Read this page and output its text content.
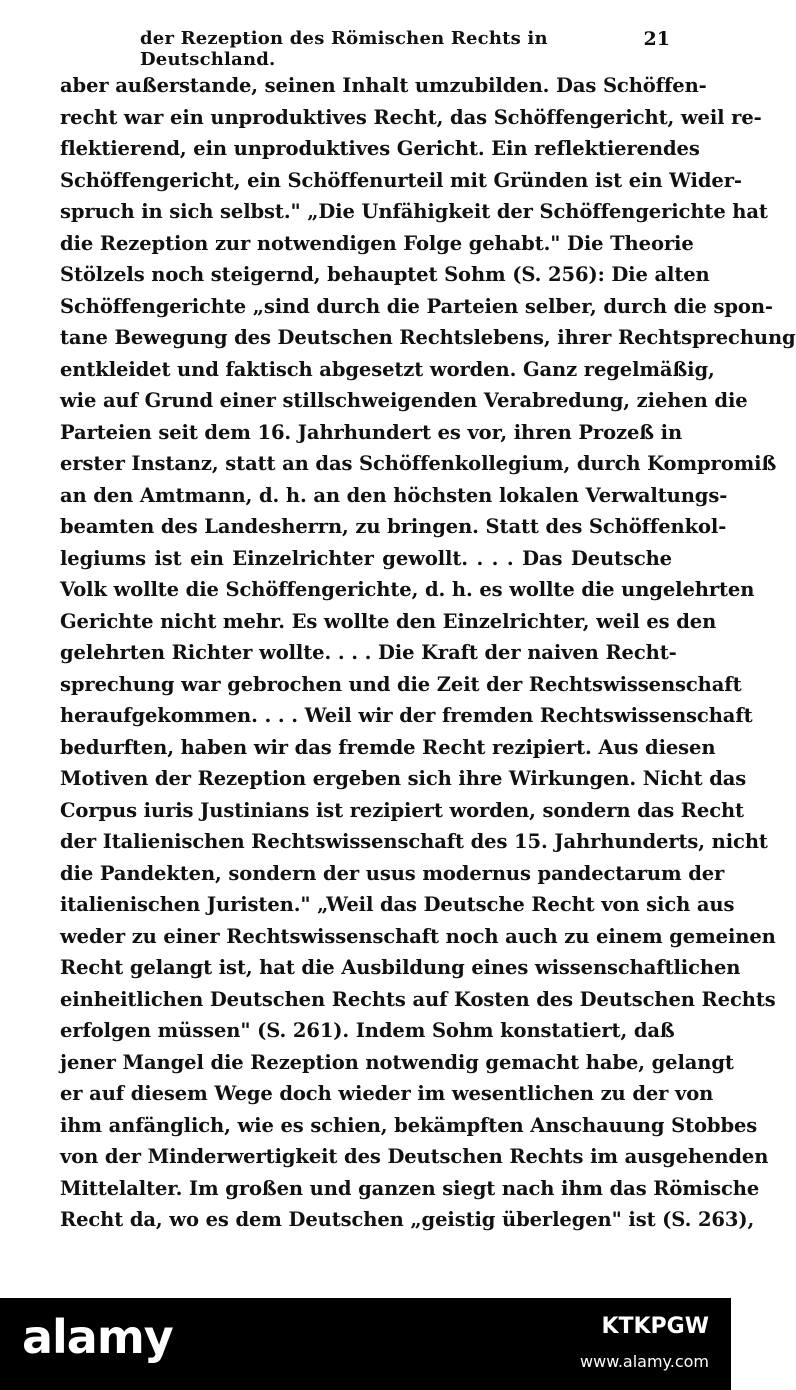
der Rezeption des Römischen Rechts in Deutschland.
21
aber außerstande, seinen Inhalt umzubilden. Das Schöffen-
recht war ein unproduktives Recht, das Schöffengericht, weil re-
flektierend, ein unproduktives Gericht. Ein reflektierendes
Schöffengericht, ein Schöffenurteil mit Gründen ist ein Wider-
spruch in sich selbst." „Die Unfähigkeit der Schöffengerichte hat
die Rezeption zur notwendigen Folge gehabt." Die Theorie
Stölzels noch steigernd, behauptet Sohm (S. 256): Die alten
Schöffengerichte „sind durch die Parteien selber, durch die spon-
tane Bewegung des Deutschen Rechtslebens, ihrer Rechtsprechung
entkleidet und faktisch abgesetzt worden. Ganz regelmäßig,
wie auf Grund einer stillschweigenden Verabredung, ziehen die
Parteien seit dem 16. Jahrhundert es vor, ihren Prozeß in
erster Instanz, statt an das Schöffenkollegium, durch Kompromiß
an den Amtmann, d. h. an den höchsten lokalen Verwaltungs-
beamten des Landesherrn, zu bringen. Statt des Schöffenkol-
legiums ist ein Einzelrichter gewollt. . . . Das Deutsche
Volk wollte die Schöffengerichte, d. h. es wollte die ungelehrten
Gerichte nicht mehr. Es wollte den Einzelrichter, weil es den
gelehrten Richter wollte. . . . Die Kraft der naiven Recht-
sprechung war gebrochen und die Zeit der Rechtswissenschaft
heraufgekommen. . . . Weil wir der fremden Rechtswissenschaft
bedurften, haben wir das fremde Recht rezipiert. Aus diesen
Motiven der Rezeption ergeben sich ihre Wirkungen. Nicht das
Corpus iuris Justinians ist rezipiert worden, sondern das Recht
der Italienischen Rechtswissenschaft des 15. Jahrhunderts, nicht
die Pandekten, sondern der usus modernus pandectarum der
italienischen Juristen." „Weil das Deutsche Recht von sich aus
weder zu einer Rechtswissenschaft noch auch zu einem gemeinen
Recht gelangt ist, hat die Ausbildung eines wissenschaftlichen
einheitlichen Deutschen Rechts auf Kosten des Deutschen Rechts
erfolgen müssen" (S. 261). Indem Sohm konstatiert, daß
jener Mangel die Rezeption notwendig gemacht habe, gelangt
er auf diesem Wege doch wieder im wesentlichen zu der von
ihm anfänglich, wie es schien, bekämpften Anschauung Stobbes
von der Minderwertigkeit des Deutschen Rechts im ausgehenden
Mittelalter. Im großen und ganzen siegt nach ihm das Römische
Recht da, wo es dem Deutschen „geistig überlegen" ist (S. 263),
alamy	KTKPGW
www.alamy.com
